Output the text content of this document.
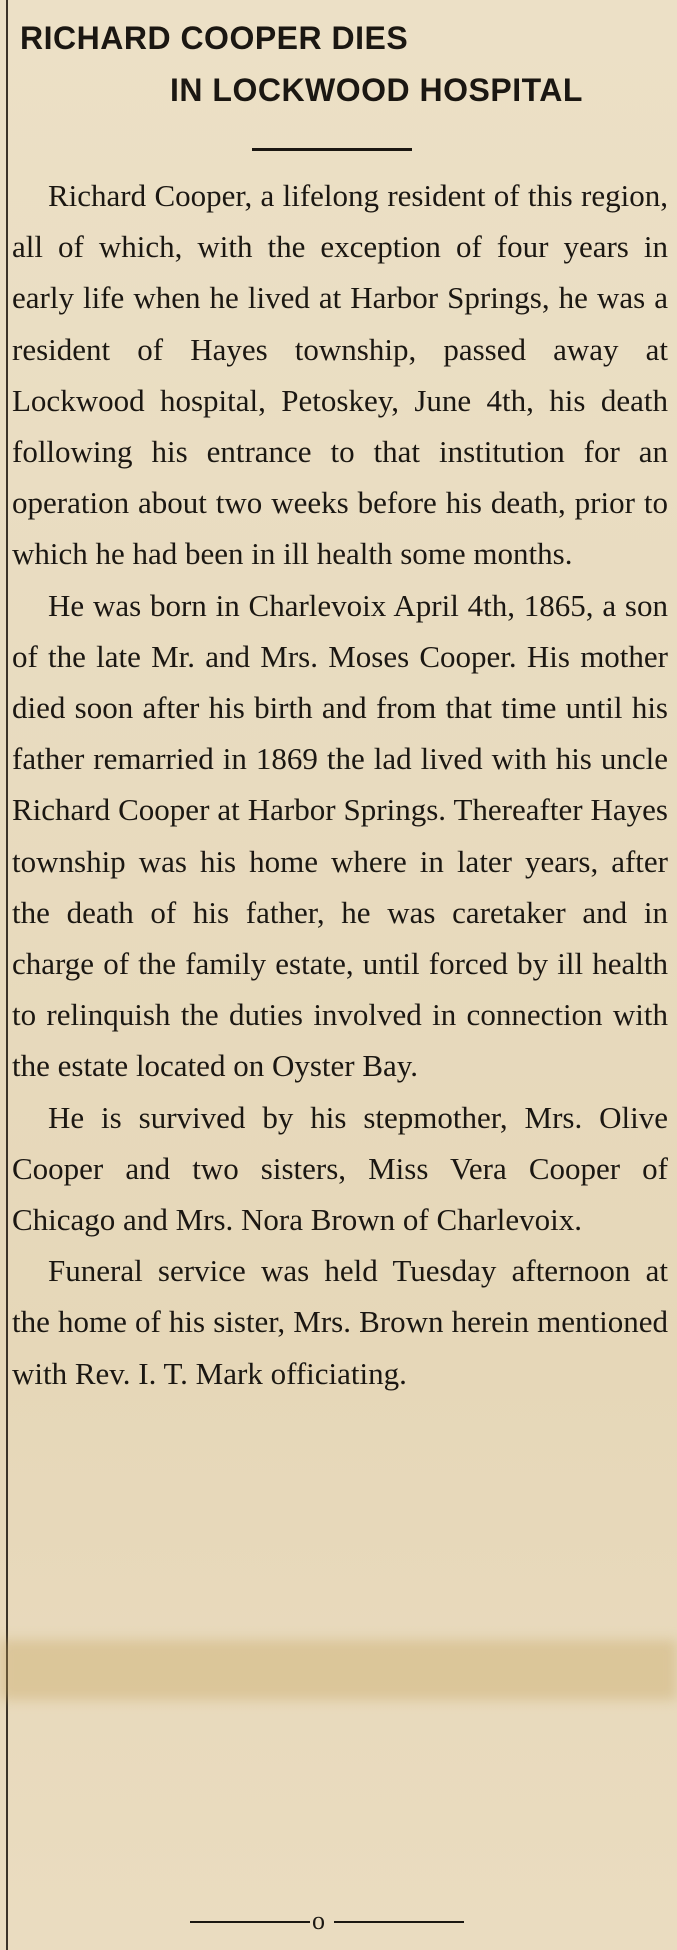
RICHARD COOPER DIES
IN LOCKWOOD HOSPITAL

Richard Cooper, a lifelong resident of this region, all of which, with the exception of four years in early life when he lived at Harbor Springs, he was a resident of Hayes township, passed away at Lockwood hospital, Petoskey, June 4th, his death following his entrance to that institution for an operation about two weeks before his death, prior to which he had been in ill health some months.

He was born in Charlevoix April 4th, 1865, a son of the late Mr. and Mrs. Moses Cooper. His mother died soon after his birth and from that time until his father remarried in 1869 the lad lived with his uncle Richard Cooper at Harbor Springs. Thereafter Hayes township was his home where in later years, after the death of his father, he was caretaker and in charge of the family estate, until forced by ill health to relinquish the duties involved in connection with the estate located on Oyster Bay.

He is survived by his stepmother, Mrs. Olive Cooper and two sisters, Miss Vera Cooper of Chicago and Mrs. Nora Brown of Charlevoix.

Funeral service was held Tuesday afternoon at the home of his sister, Mrs. Brown herein mentioned with Rev. I. T. Mark officiating.

o
